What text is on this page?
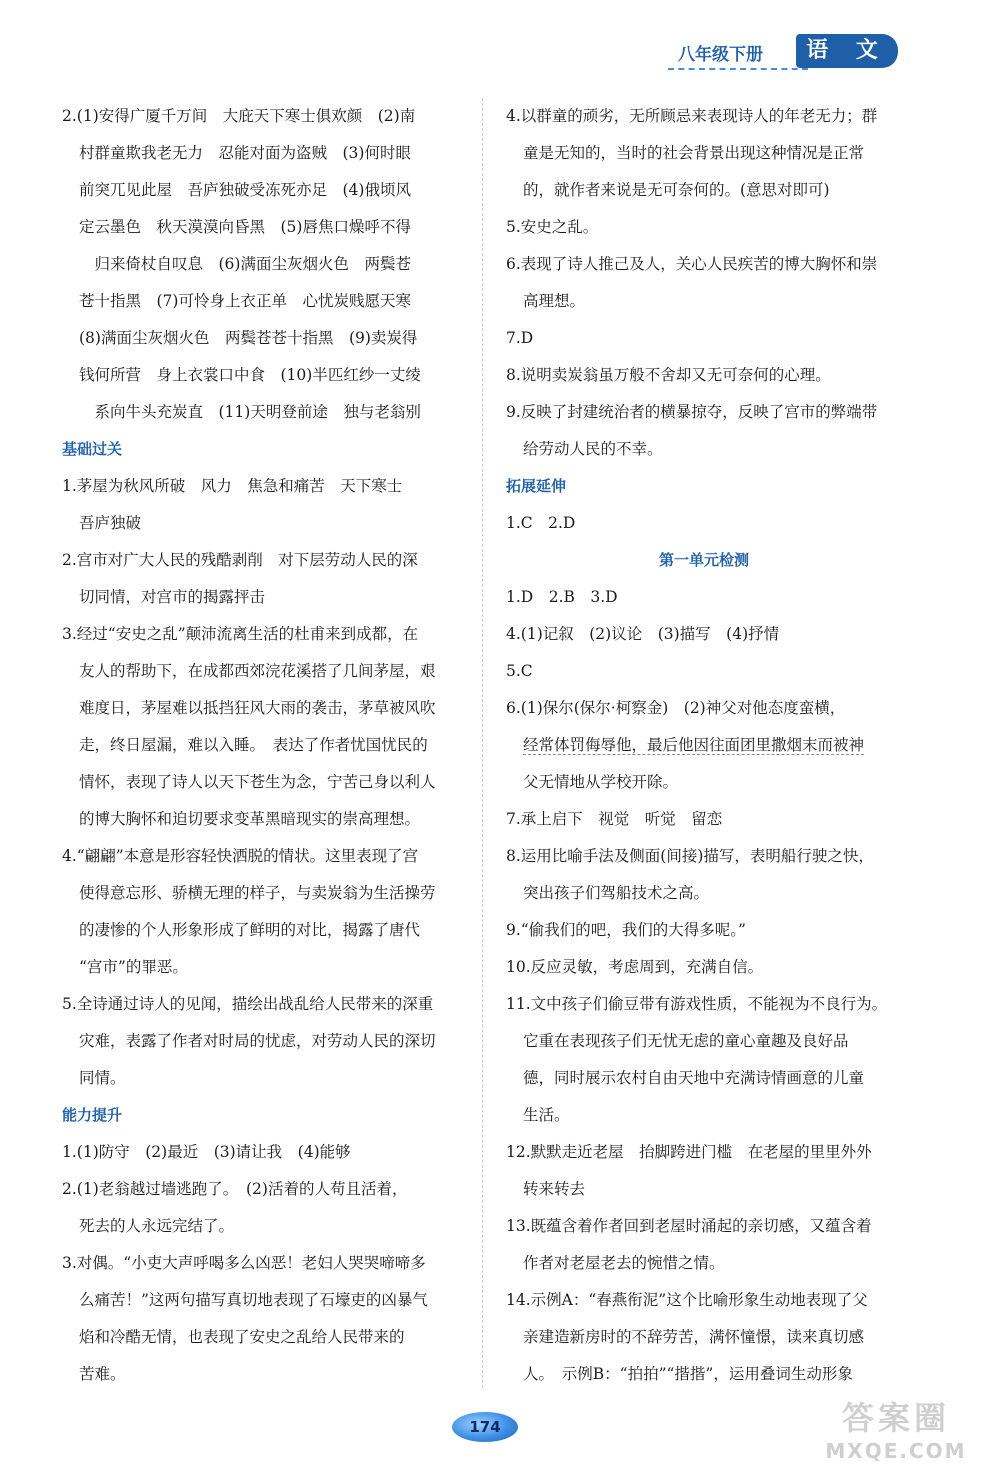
八年级下册	语 文
2.(1)安得广厦千万间　大庇天下寒士俱欢颜　(2)南
村群童欺我老无力　忍能对面为盗贼　(3)何时眼
前突兀见此屋　吾庐独破受冻死亦足　(4)俄顷风
定云墨色　秋天漠漠向昏黑　(5)唇焦口燥呼不得
　归来倚杖自叹息　(6)满面尘灰烟火色　两鬓苍
苍十指黑　(7)可怜身上衣正单　心忧炭贱愿天寒
(8)满面尘灰烟火色　两鬓苍苍十指黑　(9)卖炭得
钱何所营　身上衣裳口中食　(10)半匹红纱一丈绫
　系向牛头充炭直　(11)天明登前途　独与老翁别
基础过关
1.茅屋为秋风所破　风力　焦急和痛苦　天下寒士
吾庐独破
2.宫市对广大人民的残酷剥削　对下层劳动人民的深
切同情，对宫市的揭露抨击
3.经过“安史之乱”颠沛流离生活的杜甫来到成都，在
友人的帮助下，在成都西郊浣花溪搭了几间茅屋，艰
难度日，茅屋难以抵挡狂风大雨的袭击，茅草被风吹
走，终日屋漏，难以入睡。　表达了作者忧国忧民的
情怀，表现了诗人以天下苍生为念，宁苦己身以利人
的博大胸怀和迫切要求变革黑暗现实的崇高理想。
4.“翩翩”本意是形容轻快洒脱的情状。这里表现了宫
使得意忘形、骄横无理的样子，与卖炭翁为生活操劳
的凄惨的个人形象形成了鲜明的对比，揭露了唐代
“宫市”的罪恶。
5.全诗通过诗人的见闻，描绘出战乱给人民带来的深重
灾难，表露了作者对时局的忧虑，对劳动人民的深切
同情。
能力提升
1.(1)防守　(2)最近　(3)请让我　(4)能够
2.(1)老翁越过墙逃跑了。　(2)活着的人苟且活着，
死去的人永远完结了。
3.对偶。“小吏大声呼喝多么凶恶！老妇人哭哭啼啼多
么痛苦！”这两句描写真切地表现了石壕吏的凶暴气
焰和冷酷无情，也表现了安史之乱给人民带来的
苦难。
4.以群童的顽劣，无所顾忌来表现诗人的年老无力；群
童是无知的，当时的社会背景出现这种情况是正常
的，就作者来说是无可奈何的。(意思对即可)
5.安史之乱。
6.表现了诗人推己及人，关心人民疾苦的博大胸怀和崇
高理想。
7.D
8.说明卖炭翁虽万般不舍却又无可奈何的心理。
9.反映了封建统治者的横暴掠夺，反映了宫市的弊端带
给劳动人民的不幸。
拓展延伸
1.C　2.D
第一单元检测
1.D　2.B　3.D
4.(1)记叙　(2)议论　(3)描写　(4)抒情
5.C
6.(1)保尔(保尔·柯察金)　(2)神父对他态度蛮横，
经常体罚侮辱他，最后他因往面团里撒烟末而被神
父无情地从学校开除。
7.承上启下　视觉　听觉　留恋
8.运用比喻手法及侧面(间接)描写，表明船行驶之快，
突出孩子们驾船技术之高。
9.“偷我们的吧，我们的大得多呢。”
10.反应灵敏，考虑周到，充满自信。
11.文中孩子们偷豆带有游戏性质，不能视为不良行为。
它重在表现孩子们无忧无虑的童心童趣及良好品
德，同时展示农村自由天地中充满诗情画意的儿童
生活。
12.默默走近老屋　抬脚跨进门槛　在老屋的里里外外
转来转去
13.既蕴含着作者回到老屋时涌起的亲切感，又蕴含着
作者对老屋老去的惋惜之情。
14.示例A：“春燕衔泥”这个比喻形象生动地表现了父
亲建造新房时的不辞劳苦，满怀憧憬，读来真切感
人。　示例B：“拍拍”“揩揩”，运用叠词生动形象
174	答案圈
MXQE.COM
